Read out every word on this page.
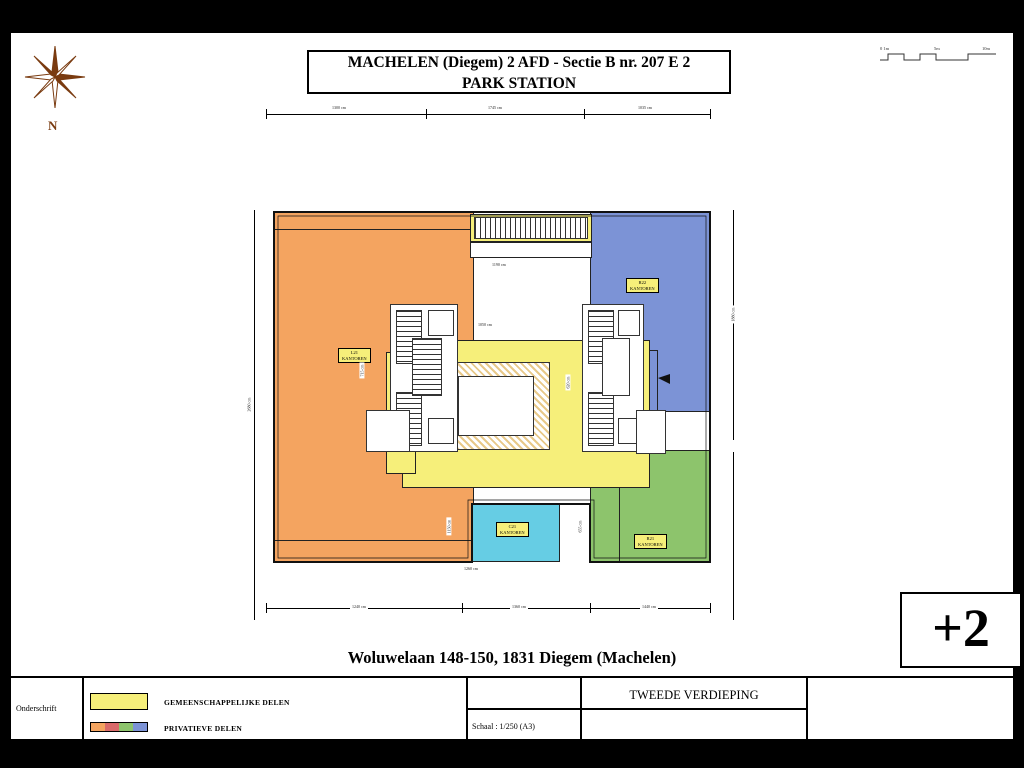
N
0 1m	5m	10m
MACHELEN (Diegem) 2 AFD - Sectie B nr. 207 E 2
PARK STATION
1300 cm	1745 cm	1035 cm
1240 cm	1360 cm	1440 cm
2680 cm
1880 cm
L21
KANTOREN
R22
KANTOREN
C21
KANTOREN
R21
KANTOREN
1190 cm
1050 cm
715 cm
620 cm
1150 cm	655 cm
1260 cm
Woluwelaan 148-150, 1831 Diegem (Machelen)	+2
Onderschrift
GEMEENSCHAPPELIJKE DELEN
PRIVATIEVE DELEN	Schaal : 1/250 (A3)
TWEEDE VERDIEPING
